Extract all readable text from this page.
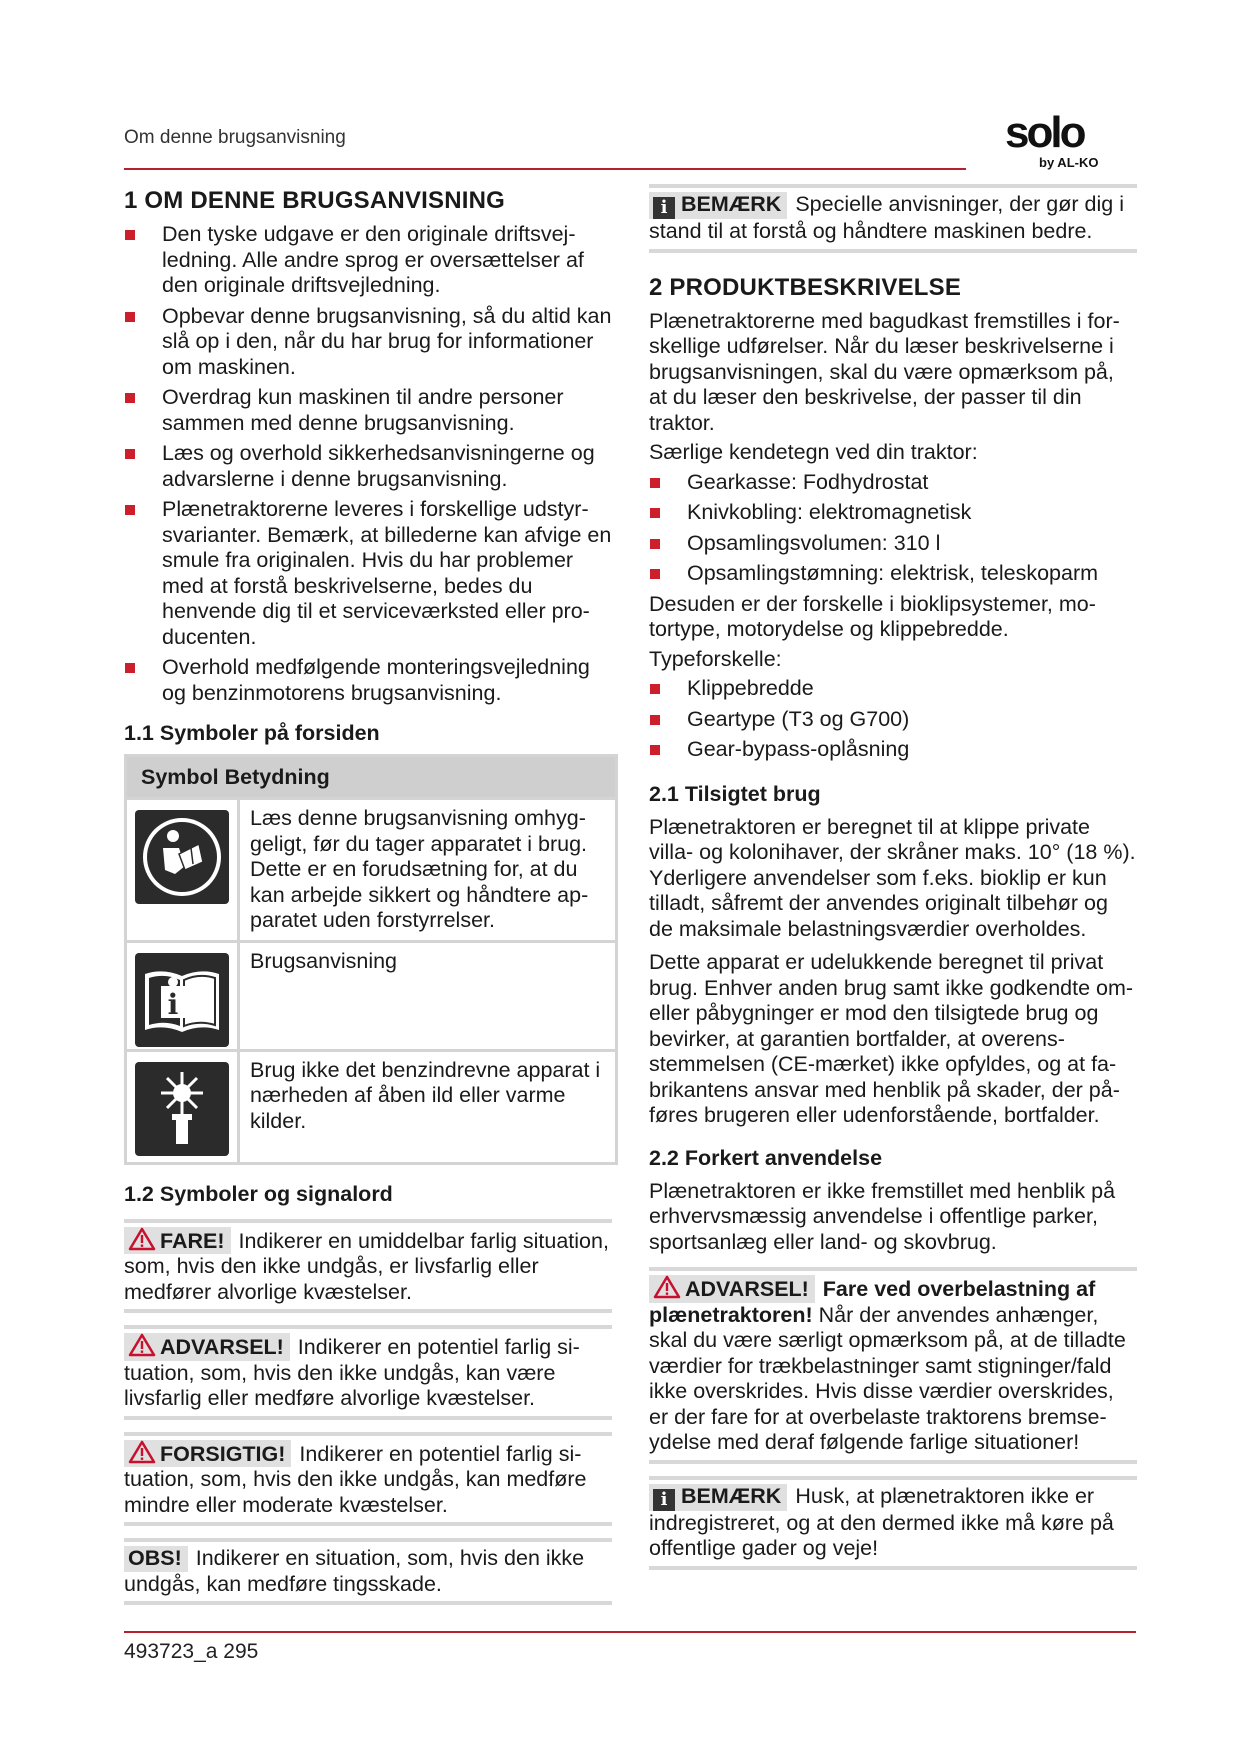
Om denne brugsanvisning	solo
by AL-KO
1 OM DENNE BRUGSANVISNING
Den tyske udgave er den originale driftsvejledning. Alle andre sprog er oversættelser af den originale driftsvejledning.
Opbevar denne brugsanvisning, så du altid kan slå op i den, når du har brug for informationer om maskinen.
Overdrag kun maskinen til andre personer sammen med denne brugsanvisning.
Læs og overhold sikkerhedsanvisningerne og advarslerne i denne brugsanvisning.
Plænetraktorerne leveres i forskellige udstyrsvarianter. Bemærk, at billederne kan afvige en smule fra originalen. Hvis du har problemer med at forstå beskrivelserne, bedes du henvende dig til et serviceværksted eller producenten.
Overhold medfølgende monteringsvejledning og benzinmotorens brugsanvisning.
1.1 Symboler på forsiden
Symbol Betydning
Læs denne brugsanvisning omhyggeligt, før du tager apparatet i brug. Dette er en forudsætning for, at du kan arbejde sikkert og håndtere apparatet uden forstyrrelser.
i
Brugsanvisning
Brug ikke det benzindrevne apparat i nærheden af åben ild eller varme kilder.
1.2 Symboler og signalord
FARE! Indikerer en umiddelbar farlig situation, som, hvis den ikke undgås, er livsfarlig eller medfører alvorlige kvæstelser.
ADVARSEL! Indikerer en potentiel farlig situation, som, hvis den ikke undgås, kan være livsfarlig eller medføre alvorlige kvæstelser.
FORSIGTIG! Indikerer en potentiel farlig situation, som, hvis den ikke undgås, kan medføre mindre eller moderate kvæstelser.
OBS! Indikerer en situation, som, hvis den ikke undgås, kan medføre tingsskade.
i BEMÆRK Specielle anvisninger, der gør dig i stand til at forstå og håndtere maskinen bedre.
2 PRODUKTBESKRIVELSE

Plænetraktorerne med bagudkast fremstilles i forskellige udførelser. Når du læser beskrivelserne i brugsanvisningen, skal du være opmærksom på, at du læser den beskrivelse, der passer til din traktor.

Særlige kendetegn ved din traktor:

Gearkasse: Fodhydrostat
Knivkobling: elektromagnetisk
Opsamlingsvolumen: 310 l
Opsamlingstømning: elektrisk, teleskoparm

Desuden er der forskelle i bioklipsystemer, motortype, motorydelse og klippebredde.

Typeforskelle:

Klippebredde
Geartype (T3 og G700)
Gear-bypass-oplåsning
2.1 Tilsigtet brug

Plænetraktoren er beregnet til at klippe private villa- og kolonihaver, der skråner maks. 10° (18 %). Yderligere anvendelser som f.eks. bioklip er kun tilladt, såfremt der anvendes originalt tilbehør og de maksimale belastningsværdier overholdes.

Dette apparat er udelukkende beregnet til privat brug. Enhver anden brug samt ikke godkendte om- eller påbygninger er mod den tilsigtede brug og bevirker, at garantien bortfalder, at overensstemmelsen (CE-mærket) ikke opfyldes, og at fabrikantens ansvar med henblik på skader, der påføres brugeren eller udenforstående, bortfalder.

2.2 Forkert anvendelse

Plænetraktoren er ikke fremstillet med henblik på erhvervsmæssig anvendelse i offentlige parker, sportsanlæg eller land- og skovbrug.

ADVARSEL! Fare ved overbelastning af plænetraktoren! Når der anvendes anhænger, skal du være særligt opmærksom på, at de tilladte værdier for trækbelastninger samt stigninger/fald ikke overskrides. Hvis disse værdier overskrides, er der fare for at overbelaste traktorens bremseydelse med deraf følgende farlige situationer!
i BEMÆRK Husk, at plænetraktoren ikke er indregistreret, og at den dermed ikke må køre på offentlige gader og veje!
493723_a 295
